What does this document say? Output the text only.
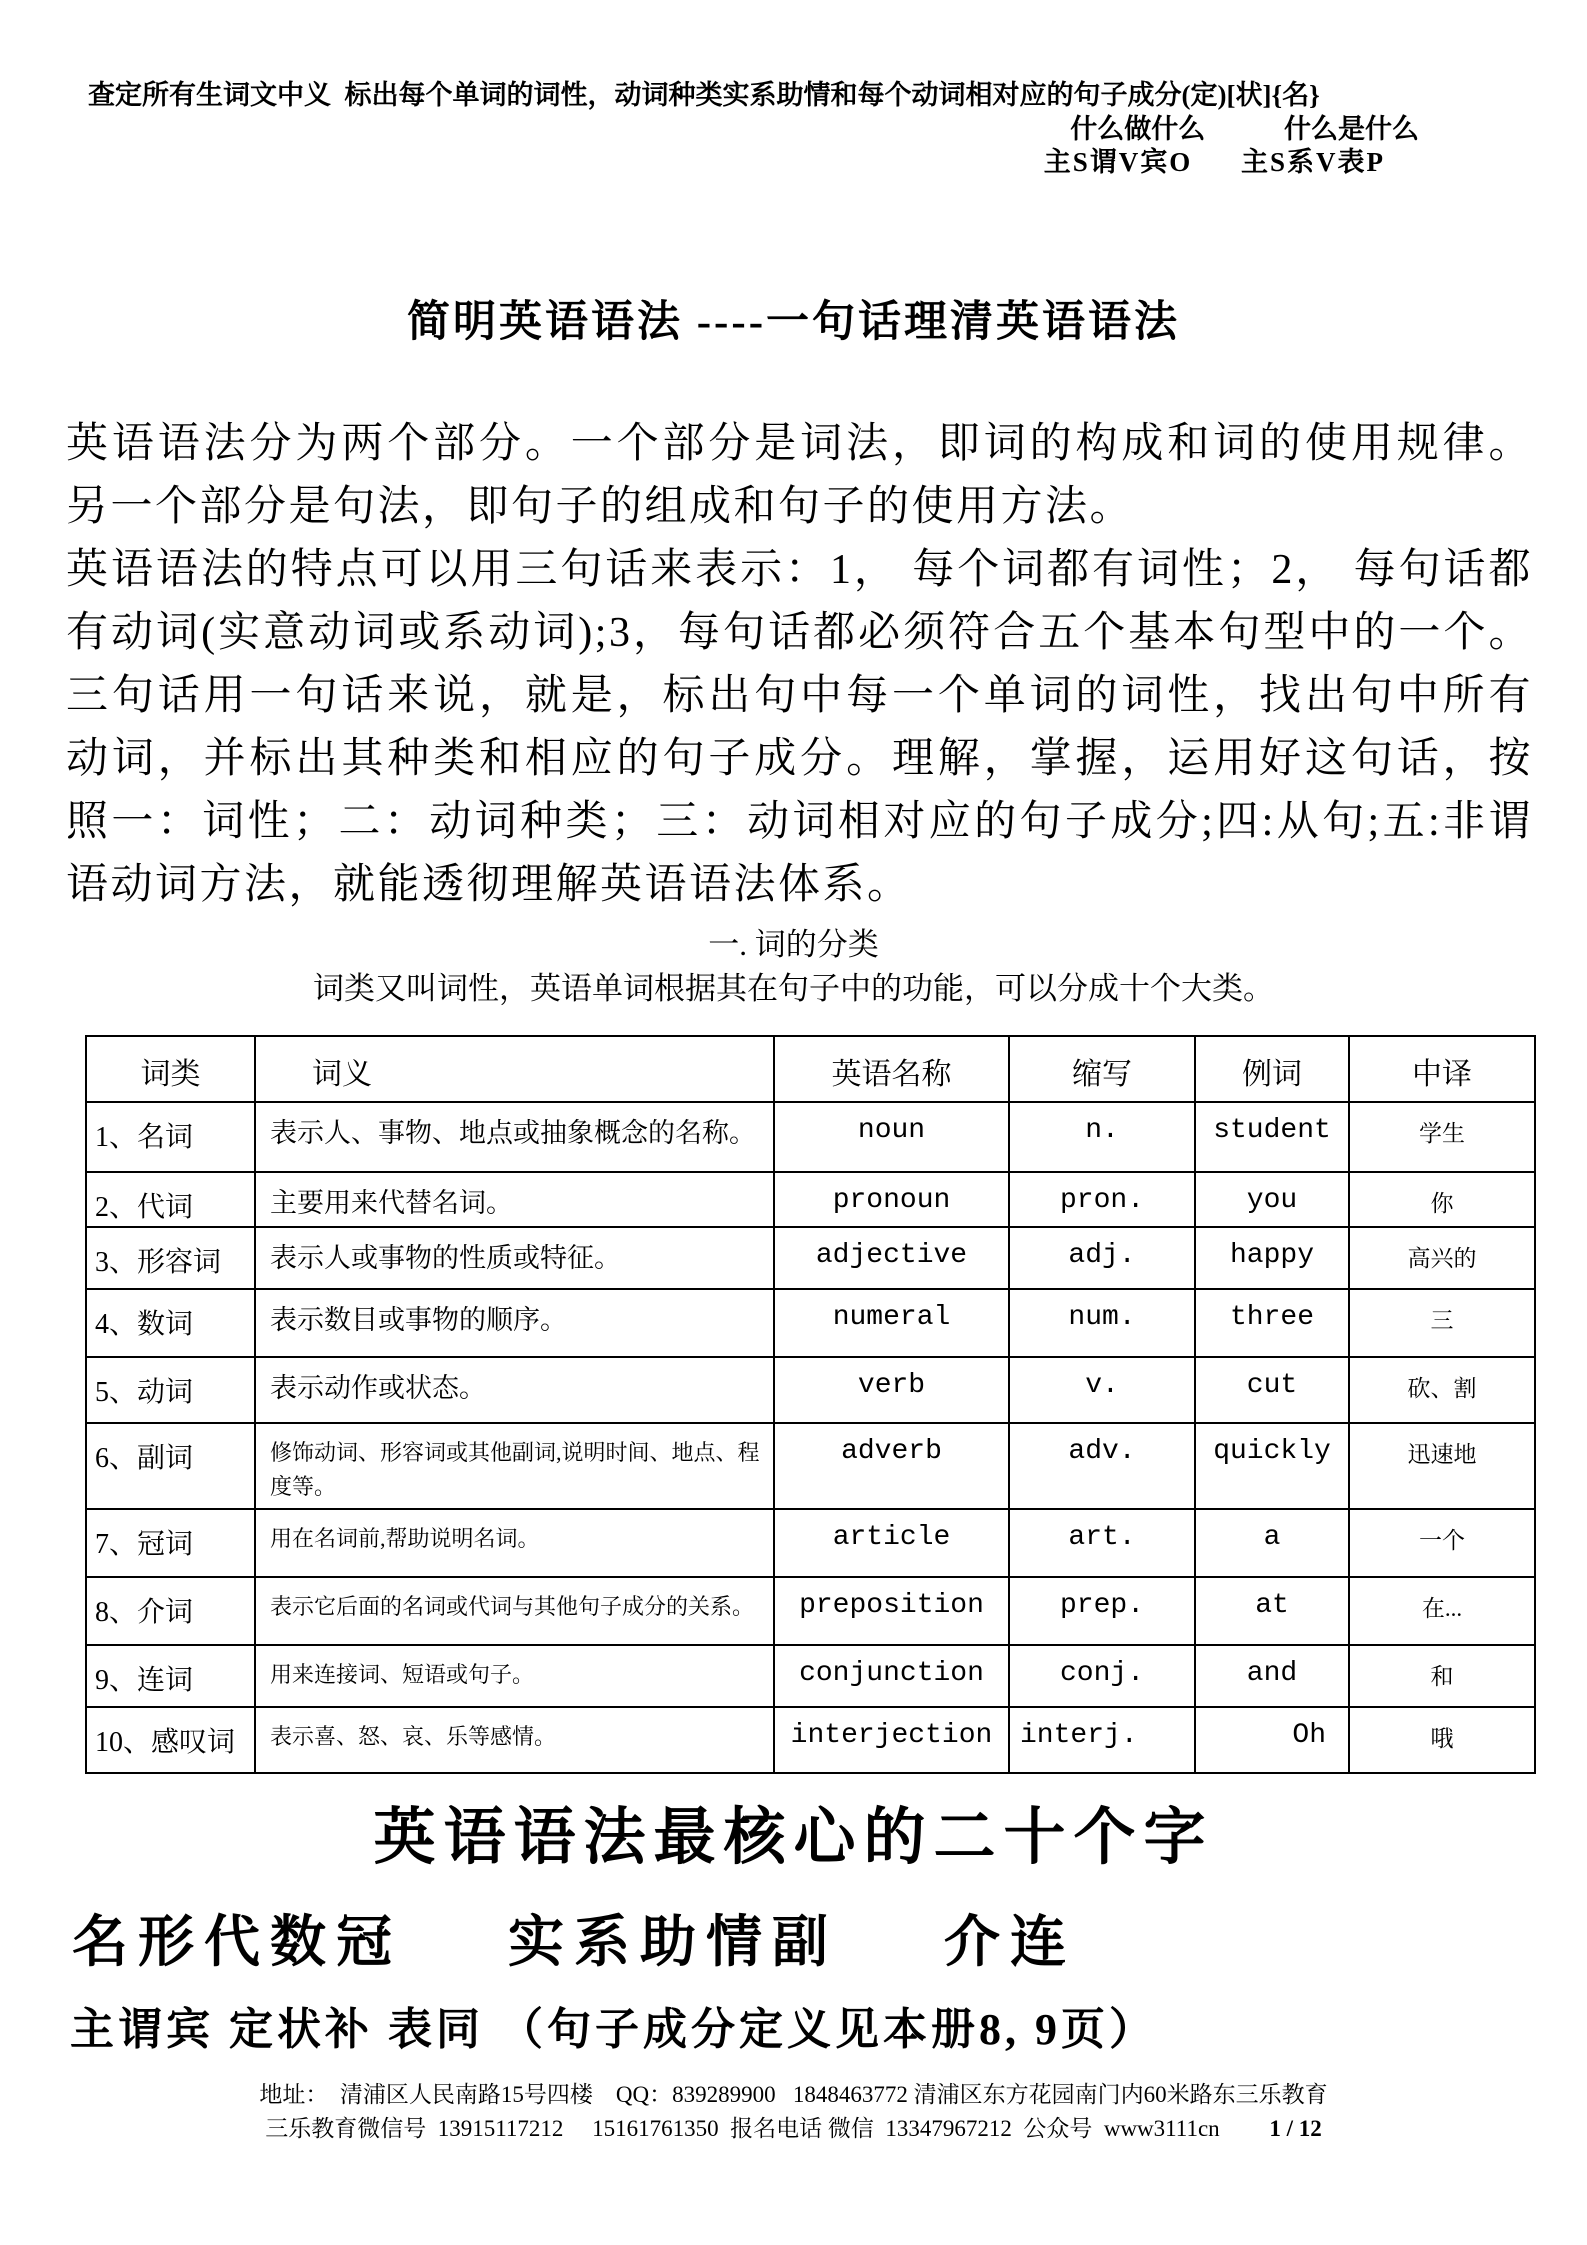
查定所有生词文中义  标出每个单词的词性，动词种类实系助情和每个动词相对应的句子成分(定)[状]{名}
什么做什么	什么是什么
主S谓V宾O 主S系V表P
简明英语语法 ----一句话理清英语语法

英语语法分为两个部分。一个部分是词法，即词的构成和词的使用规律。另一个部分是句法，即句子的组成和句子的使用方法。

英语语法的特点可以用三句话来表示：1， 每个词都有词性；2， 每句话都有动词(实意动词或系动词);3，每句话都必须符合五个基本句型中的一个。三句话用一句话来说，就是，标出句中每一个单词的词性，找出句中所有动词，并标出其种类和相应的句子成分。理解，掌握，运用好这句话，按照一：词性；二：动词种类；三：动词相对应的句子成分;四:从句;五:非谓语动词方法，就能透彻理解英语语法体系。

一. 词的分类
词类又叫词性，英语单词根据其在句子中的功能，可以分成十个大类。
词类	词义	英语名称	缩写	例词	中译
1、名词	表示人、事物、地点或抽象概念的名称。	noun	n.	student	学生
2、代词	主要用来代替名词。	pronoun	pron.	you	你
3、形容词	表示人或事物的性质或特征。	adjective	adj.	happy	高兴的
4、数词	表示数目或事物的顺序。	numeral	num.	three	三
5、动词	表示动作或状态。	verb	v.	cut	砍、割
6、副词	修饰动词、形容词或其他副词,说明时间、地点、程度等。	adverb	adv.	quickly	迅速地
7、冠词	用在名词前,帮助说明名词。	article	art.	a	一个
8、介词	表示它后面的名词或代词与其他句子成分的关系。	preposition	prep.	at	在...
9、连词	用来连接词、短语或句子。	conjunction	conj.	and	和
10、感叹词	表示喜、怒、哀、乐等感情。	interjection	interj.	Oh	哦
英语语法最核心的二十个字
名形代数冠 实系助情副 介连
主谓宾 定状补 表同 （句子成分定义见本册8, 9页）
地址：  清浦区人民南路15号四楼    QQ：839289900   1848463772 清浦区东方花园南门内60米路东三乐教育
三乐教育微信号  13915117212     15161761350  报名电话 微信  13347967212  公众号  www3111cn 1 / 12
